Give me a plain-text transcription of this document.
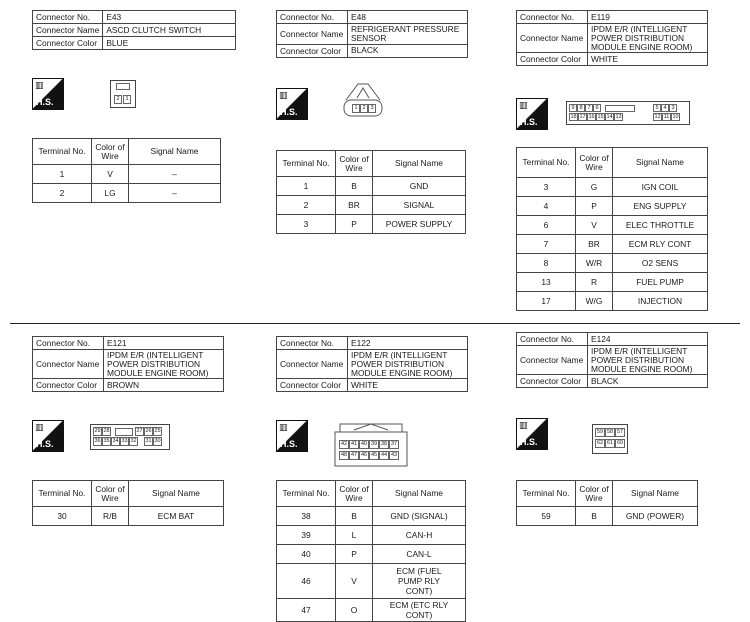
Connector No.	E43
Connector Name	ASCD CLUTCH SWITCH
Connector Color	BLUE
▥
H.S.	2	1
Terminal No.	Color of Wire	Signal Name
1	V	–
2	LG	–
Connector No.	E48
Connector Name	REFRIGERANT PRESSURE SENSOR
Connector Color	BLACK
▥
H.S.	1 2 3
Terminal No.	Color of Wire	Signal Name
1	B	GND
2	BR	SIGNAL
3	P	POWER SUPPLY
Connector No.	E119
Connector Name	IPDM E/R (INTELLIGENT POWER DISTRIBUTION MODULE ENGINE ROOM)
Connector Color	WHITE
▥
H.S.
9 8 7 6	5 4 3
18 17 16 15 14 13	12 11 10
Terminal No.	Color of Wire	Signal Name
3	G	IGN COIL
4	P	ENG SUPPLY
6	V	ELEC THROTTLE
7	BR	ECM RLY CONT
8	W/R	O2 SENS
13	R	FUEL PUMP
17	W/G	INJECTION
Connector No.	E121
Connector Name	IPDM E/R (INTELLIGENT POWER DISTRIBUTION MODULE ENGINE ROOM)
Connector Color	BROWN
▥
H.S.
29 28	27 26 25
36 35 34 33 32 31 30
Terminal No.	Color of Wire	Signal Name
30	R/B	ECM BAT
Connector No.	E122
Connector Name	IPDM E/R (INTELLIGENT POWER DISTRIBUTION MODULE ENGINE ROOM)
Connector Color	WHITE
▥
H.S.	42 41 40 39 38 37
48 47 46 45 44 43
Terminal No.	Color of Wire	Signal Name
38	B	GND (SIGNAL)
39	L	CAN-H
40	P	CAN-L
46	V	ECM (FUEL PUMP RLY CONT)
47	O	ECM (ETC RLY CONT)
Connector No.	E124
Connector Name	IPDM E/R (INTELLIGENT POWER DISTRIBUTION MODULE ENGINE ROOM)
Connector Color	BLACK
▥
H.S.
59 58 57
62 61 60
Terminal No.	Color of Wire	Signal Name
59	B	GND (POWER)
